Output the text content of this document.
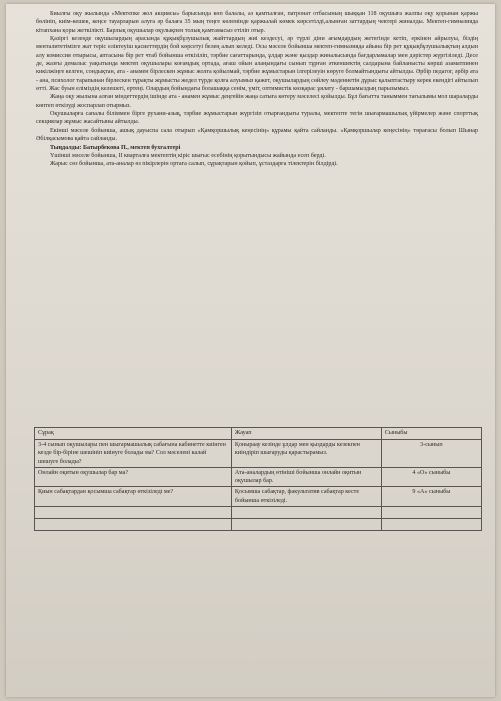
Биылғы оқу жылында «Мектепке жол акциясы» барысында көп балалы, аз қамтылған, патронат отбасының шыққан 118 оқушыға жалпы оқу қорынан қаржы бөлініп, киім-кешек, кеңсе тауарларын алуға әр балаға 35 мың теңге көлемінде қаржылай көмек көрсетілді,алынған заттардың чектері жиналды. Мектеп-гимназияда кітапхана қоры жеткілікті. Барлық оқушылар оқулықпен толық қамтамасыз етіліп отыр.

Қазіргі кезеңде оқушылардың арасында құқықбұзушылық жайттардың жиі кездесуі, әр түрлі діни ағымдардың жетегінде кетіп, еркінен айрылуы, біздің менталитетімізге жат теріс еліктеуіш қасиеттердің бой көрсетуі белең алып келеді. Осы мәселе бойынша мектеп-гимназияда айына бір рет құқықбұзушылықтың алдын алу комиссия отырысы, аптасына бір рет чтаб бойынша өткізіліп, тәрбие сағаттарында, ұлдар және қыздар жиналысында бағдарламалар мен дәрістер жүргізіледі. Десе де, жазғы демалыс уақытында мектеп оқушылары коғамдық ортада, ағаш ойын алаңындағы сынып тұрған әткеншектің салдарына байланысты көршi азаматпинен кикілжіңге келген, сондықтан, ата - анамен бірлескен жұмыс жолға қойылмай, тәрбие жұмыстарын ілгерілеуін көруге болмайтындығы айтылды. Әрбір педагог, әрбір ата - ана, психолог тарапынан бірлескен тұрақты жұмысты жедел түрде қолға алуымыз қажет, оқушылардың сөйлеу мәдениетін дұрыс қалыптастыру керек екендігі айтылып өтті. Жас буын еліміздің келешегі, ертеңі. Олардың бойындағы болашаққа сенім, үміт, оптимистік көзқарас ұялату - баршамыздың парызымыз.

Жаңа оқу жылына алған міндеттердің ішінде ата - анамен жұмыс деңгейін жаңа сатыға көтеру мәселесі қойылды. Бұл бағытта таныммен тағылымы мол шараларды көптеп өткізуді жоспарлап отырмыз.

Оқушыларға сапалы біліммен бірге рухани-азық, тәрбие жұмыстарын жүргізіп отырғандығы туралы, мектепте тегін шығармашылық үйірмелер және спорттық секциялар жұмыс жасайтыны айтылды.

Екінші мәселе бойынша, ашық дауыспа сала отырып «Қамқоршылық кеңесінің» құрамы қайта сайланды. «Қамқоршылар кеңесінің» төрағасы болып Шынар Әбілқасымова қайта сайланды.

Тыңдалды: Батырбекова П., мектеп бухгалтері

Үшінші мәселе бойынша, ІІ кварталға мектептің кіріс шығыс есебінің қорытындысы жайында есеп берді.

Жарыс сөз бойынша, ата-аналар өз пікірлерін ортаға салып, сұрақтарын қойып, ұстаздарға тілектерін білдірді.

Сұрақ	Жауап	Сыныбы
3-4 сынып оқушылары пен шығармашылық сабағына кабинетте киінген кезде бір-біріне шешініп киінуге болады ма? Сол мәселені калай шешуге болады?	Қоныраау кезінде ұлдар мен қыздарды кезекпен киіндіріп шығаруды қарастырамыз.	3-сынып
Онлайн оқитын оқушылар бар ма?	Ата-аналардың өтініші бойынша онлайн оқитын оқушылар бар.	4 «О» сыныбы
Қиын сабақтардан қосымша сабақтар өткізіледі ме?	Қосымша сабақтар, факультатив сабақтар кесте бойынша өткізіледі.	9 «А» сыныбы
